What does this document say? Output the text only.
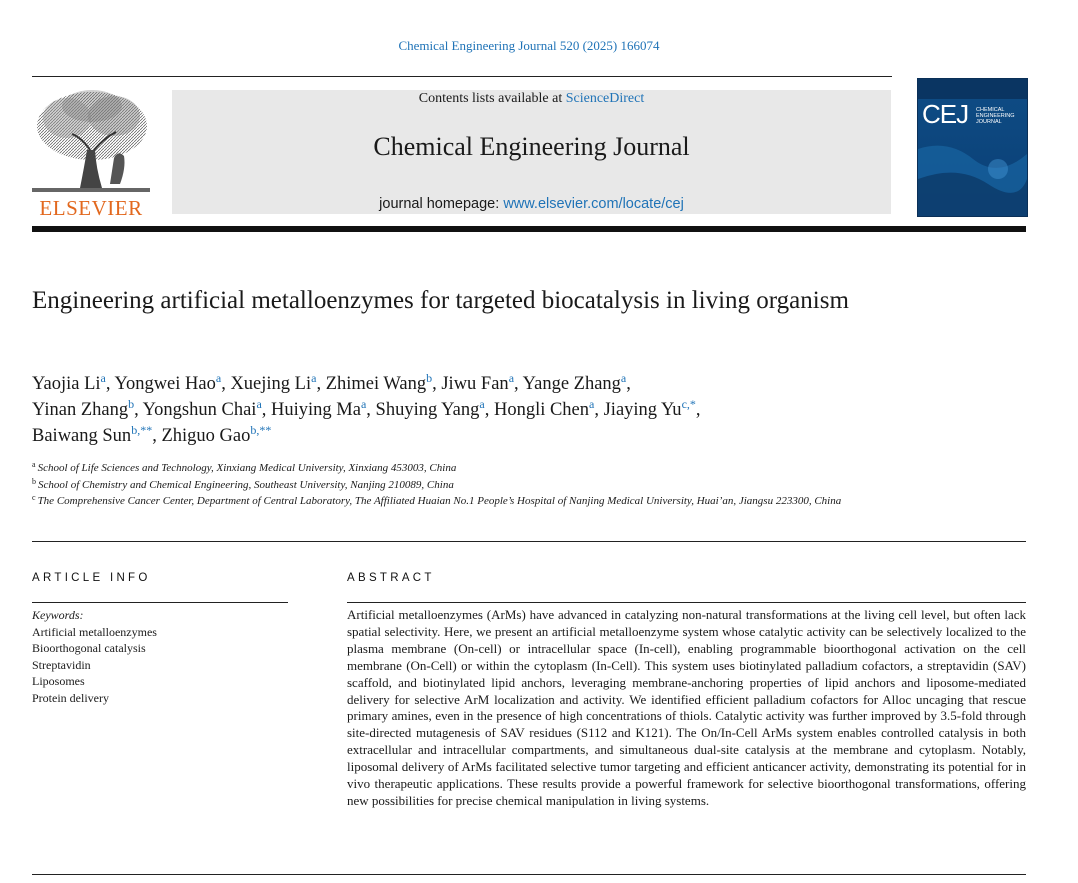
Chemical Engineering Journal 520 (2025) 166074
ELSEVIER
Contents lists available at ScienceDirect
Chemical Engineering Journal
journal homepage: www.elsevier.com/locate/cej
CEJ CHEMICAL
ENGINEERING
JOURNAL
Engineering artificial metalloenzymes for targeted biocatalysis in living organism
Yaojia Li$^a$, Yongwei Hao$^a$, Xuejing Li$^a$, Zhimei Wang$^b$, Jiwu Fan$^a$, Yange Zhang$^a$,
Yinan Zhang$^b$, Yongshun Chai$^a$, Huiying Ma$^a$, Shuying Yang$^a$, Hongli Chen$^a$, Jiaying $Yu^{c,*}$,
Baiwang Sun$^{b,**}$, Zhiguo Gao$^{b,**}$
$^a$ School of Life Sciences and Technology, Xinxiang Medical University, Xinxiang 453003, China
$^b$ School of Chemistry and Chemical Engineering, Southeast University, Nanjing 210089, China
$^c$ The Comprehensive Cancer Center, Department of Central Laboratory, The Affiliated Huaian No.1 People’s Hospital of Nanjing Medical University, Huai’an, Jiangsu 223300, China
ARTICLE INFO	ABSTRACT
Keywords:
Artificial metalloenzymes
Bioorthogonal catalysis
Streptavidin
Liposomes
Protein delivery

Artificial metalloenzymes (ArMs) have advanced in catalyzing non-natural transformations at the living cell level, but often lack spatial selectivity. Here, we present an artificial metalloenzyme system whose catalytic activity can be selectively localized to the plasma membrane (On-cell) or intracellular space (In-cell), enabling programmable bioorthogonal activation on the cell membrane (On-Cell) or within the cytoplasm (In-Cell). This system uses biotinylated palladium cofactors, a streptavidin (SAV) scaffold, and biotinylated lipid anchors, leveraging membrane-anchoring properties of lipid anchors and liposome-mediated delivery for selective ArM localization and activity. We identified efficient palladium cofactors for Alloc uncaging that rescue primary amines, even in the presence of high concentrations of thiols. Catalytic activity was further improved by 3.5-fold through site-directed mutagenesis of SAV residues (S112 and K121). The On/In-Cell ArMs system enables controlled catalysis in both extracellular and intracellular compartments, and simultaneous dual-site catalysis at the membrane and cytoplasm. Notably, liposomal delivery of ArMs facilitated selective tumor targeting and efficient anticancer activity, demonstrating its potential for in vivo therapeutic applications. These results provide a powerful framework for selective bioorthogonal transformations, offering new possibilities for precise chemical manipulation in living systems.
